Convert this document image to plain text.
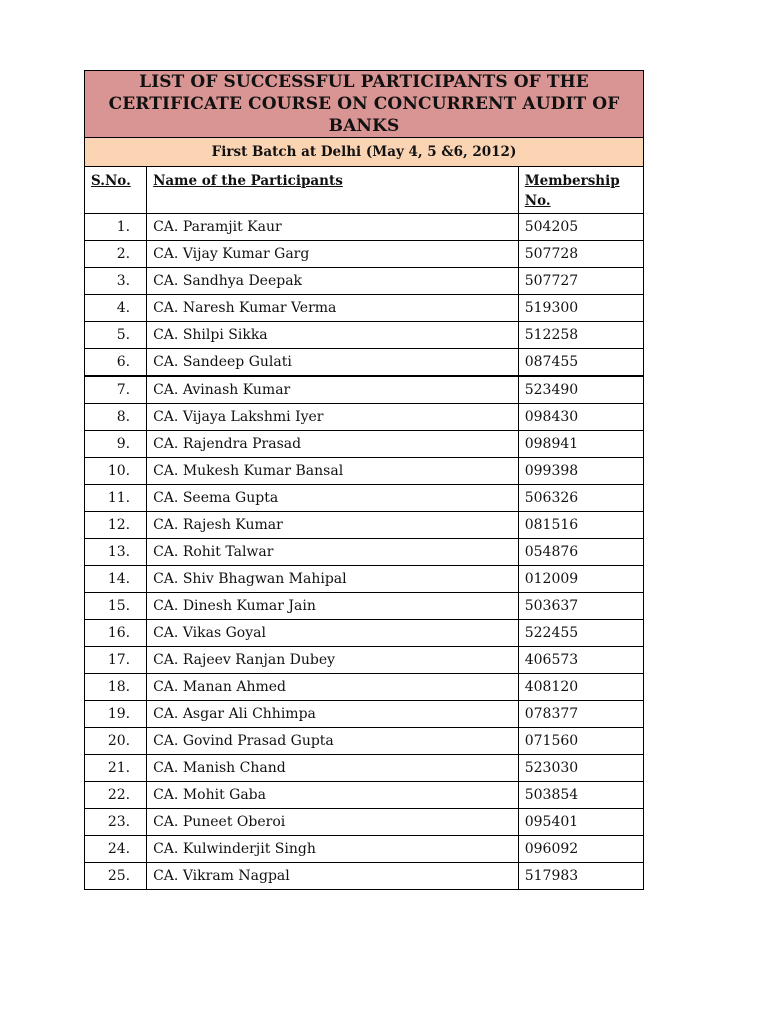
LIST OF SUCCESSFUL PARTICIPANTS OF THE
CERTIFICATE COURSE ON CONCURRENT AUDIT OF BANKS		

First Batch at Delhi (May 4, 5 &6, 2012)		
S.No.	Name of the Participants	Membership
No.
1.	CA. Paramjit Kaur	504205
2.	CA. Vijay Kumar Garg	507728
3.	CA. Sandhya Deepak	507727
4.	CA. Naresh Kumar Verma	519300
5.	CA. Shilpi Sikka	512258
6.	CA. Sandeep Gulati	087455
7.	CA. Avinash Kumar	523490
8.	CA. Vijaya Lakshmi Iyer	098430
9.	CA. Rajendra Prasad	098941
10.	CA. Mukesh Kumar Bansal	099398
11.	CA. Seema Gupta	506326
12.	CA. Rajesh Kumar	081516
13.	CA. Rohit Talwar	054876
14.	CA. Shiv Bhagwan Mahipal	012009
15.	CA. Dinesh Kumar Jain	503637
16.	CA. Vikas Goyal	522455
17.	CA. Rajeev Ranjan Dubey	406573
18.	CA. Manan Ahmed	408120
19.	CA. Asgar Ali Chhimpa	078377
20.	CA. Govind Prasad Gupta	071560
21.	CA. Manish Chand	523030
22.	CA. Mohit Gaba	503854
23.	CA. Puneet Oberoi	095401
24.	CA. Kulwinderjit Singh	096092
25.	CA. Vikram Nagpal	517983
